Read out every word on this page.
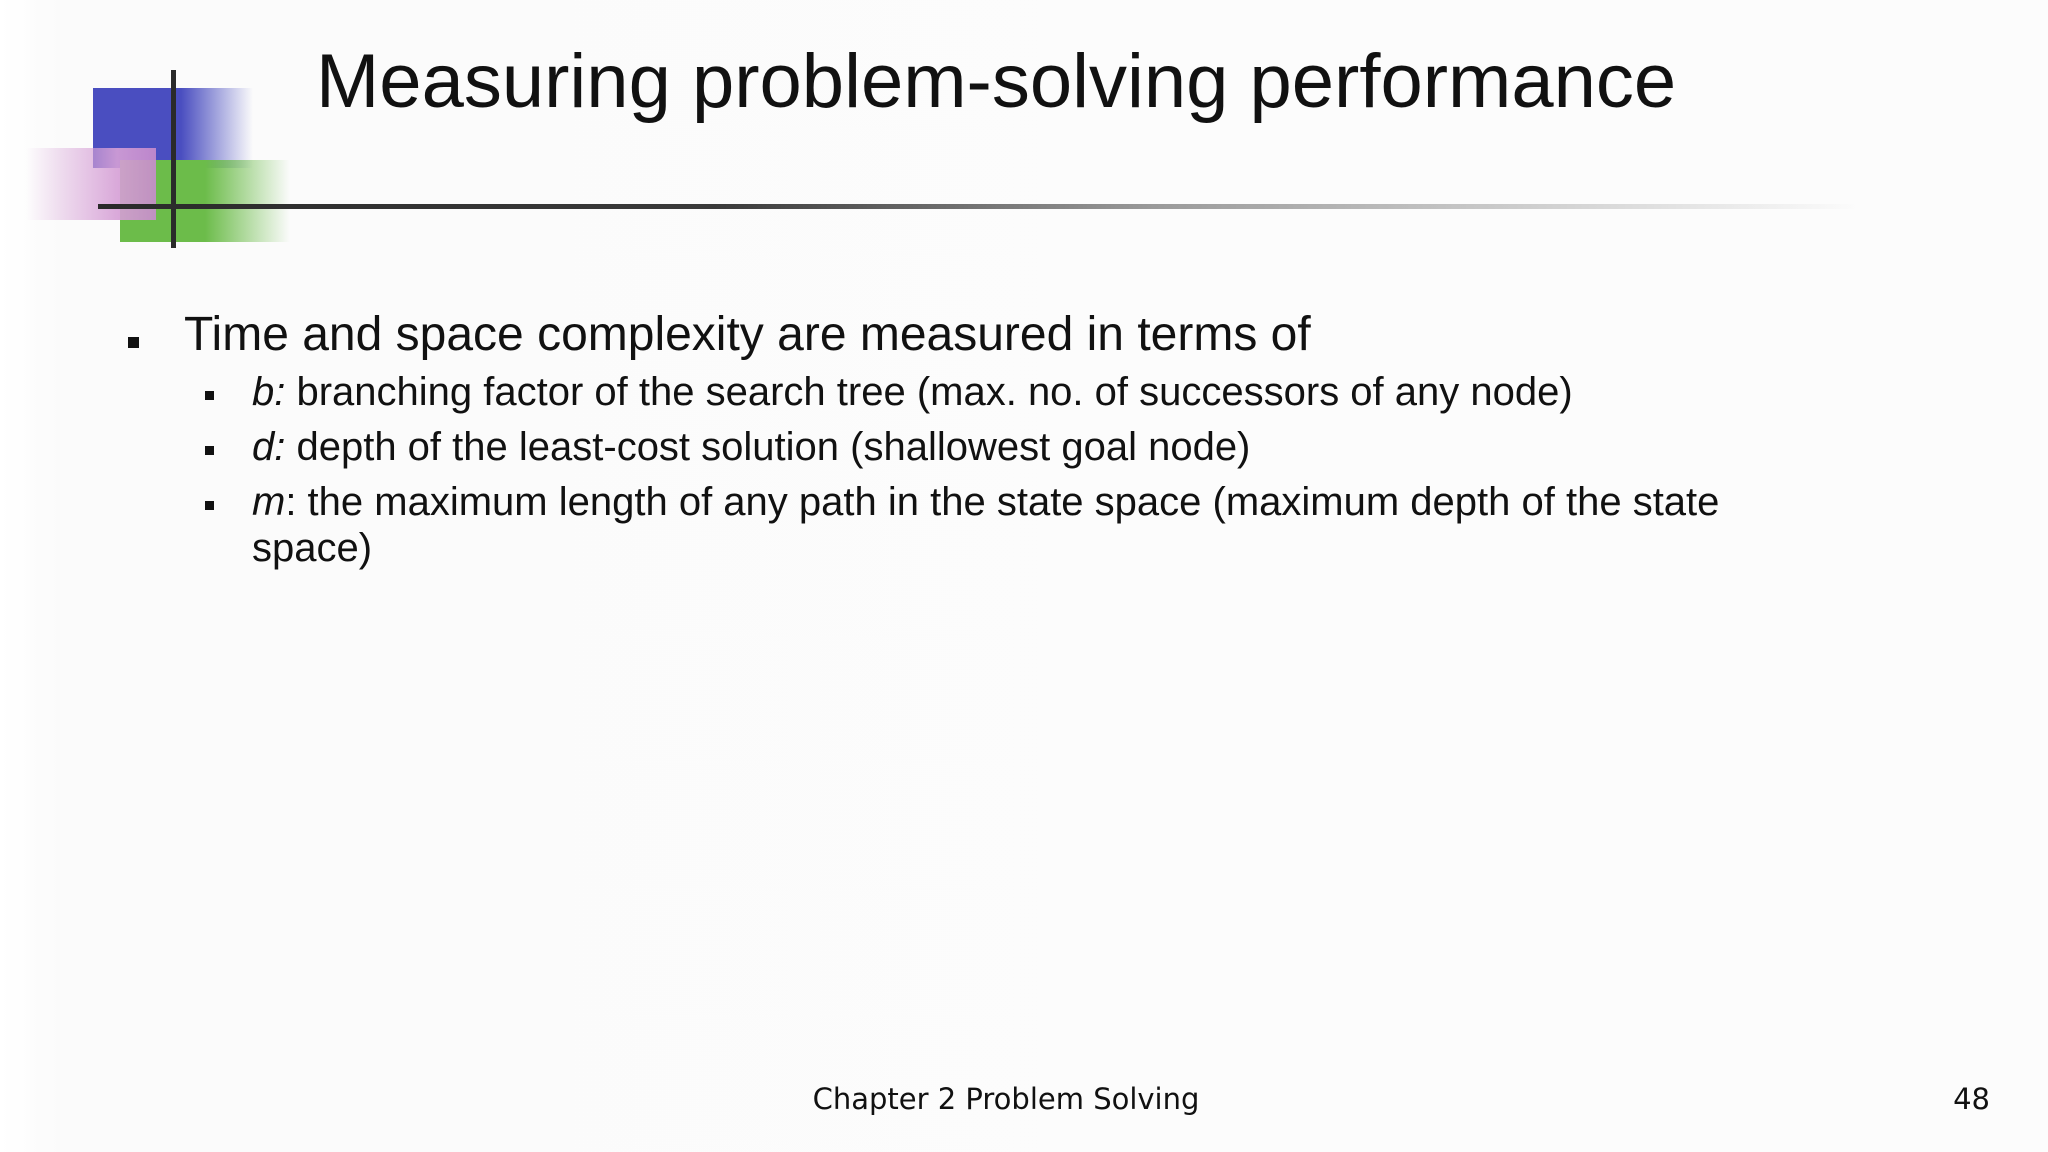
Measuring problem-solving performance
Time and space complexity are measured in terms of
b: branching factor of the search tree (max. no. of successors of any node)
d: depth of the least-cost solution (shallowest goal node)
m: the maximum length of any path in the state space (maximum depth of the state space)
Chapter 2 Problem Solving	48
